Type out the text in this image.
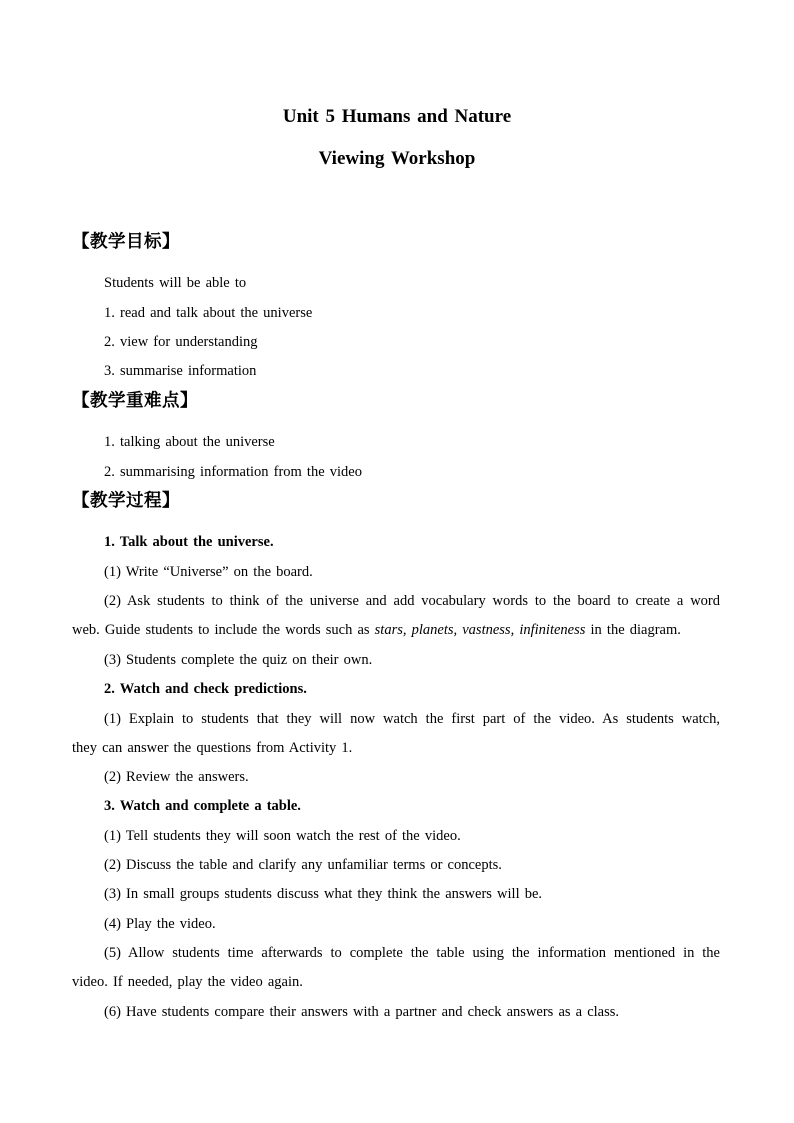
Unit 5 Humans and Nature
Viewing Workshop
【教学目标】
Students will be able to
1. read and talk about the universe
2. view for understanding
3. summarise information
【教学重难点】
1. talking about the universe
2. summarising information from the video
【教学过程】
1. Talk about the universe.
(1) Write “Universe” on the board.
(2) Ask students to think of the universe and add vocabulary words to the board to create a word
web. Guide students to include the words such as stars, planets, vastness, infiniteness in the diagram.
(3) Students complete the quiz on their own.
2. Watch and check predictions.
(1) Explain to students that they will now watch the first part of the video. As students watch,
they can answer the questions from Activity 1.
(2) Review the answers.
3. Watch and complete a table.
(1) Tell students they will soon watch the rest of the video.
(2) Discuss the table and clarify any unfamiliar terms or concepts.
(3) In small groups students discuss what they think the answers will be.
(4) Play the video.
(5) Allow students time afterwards to complete the table using the information mentioned in the
video. If needed, play the video again.
(6) Have students compare their answers with a partner and check answers as a class.
